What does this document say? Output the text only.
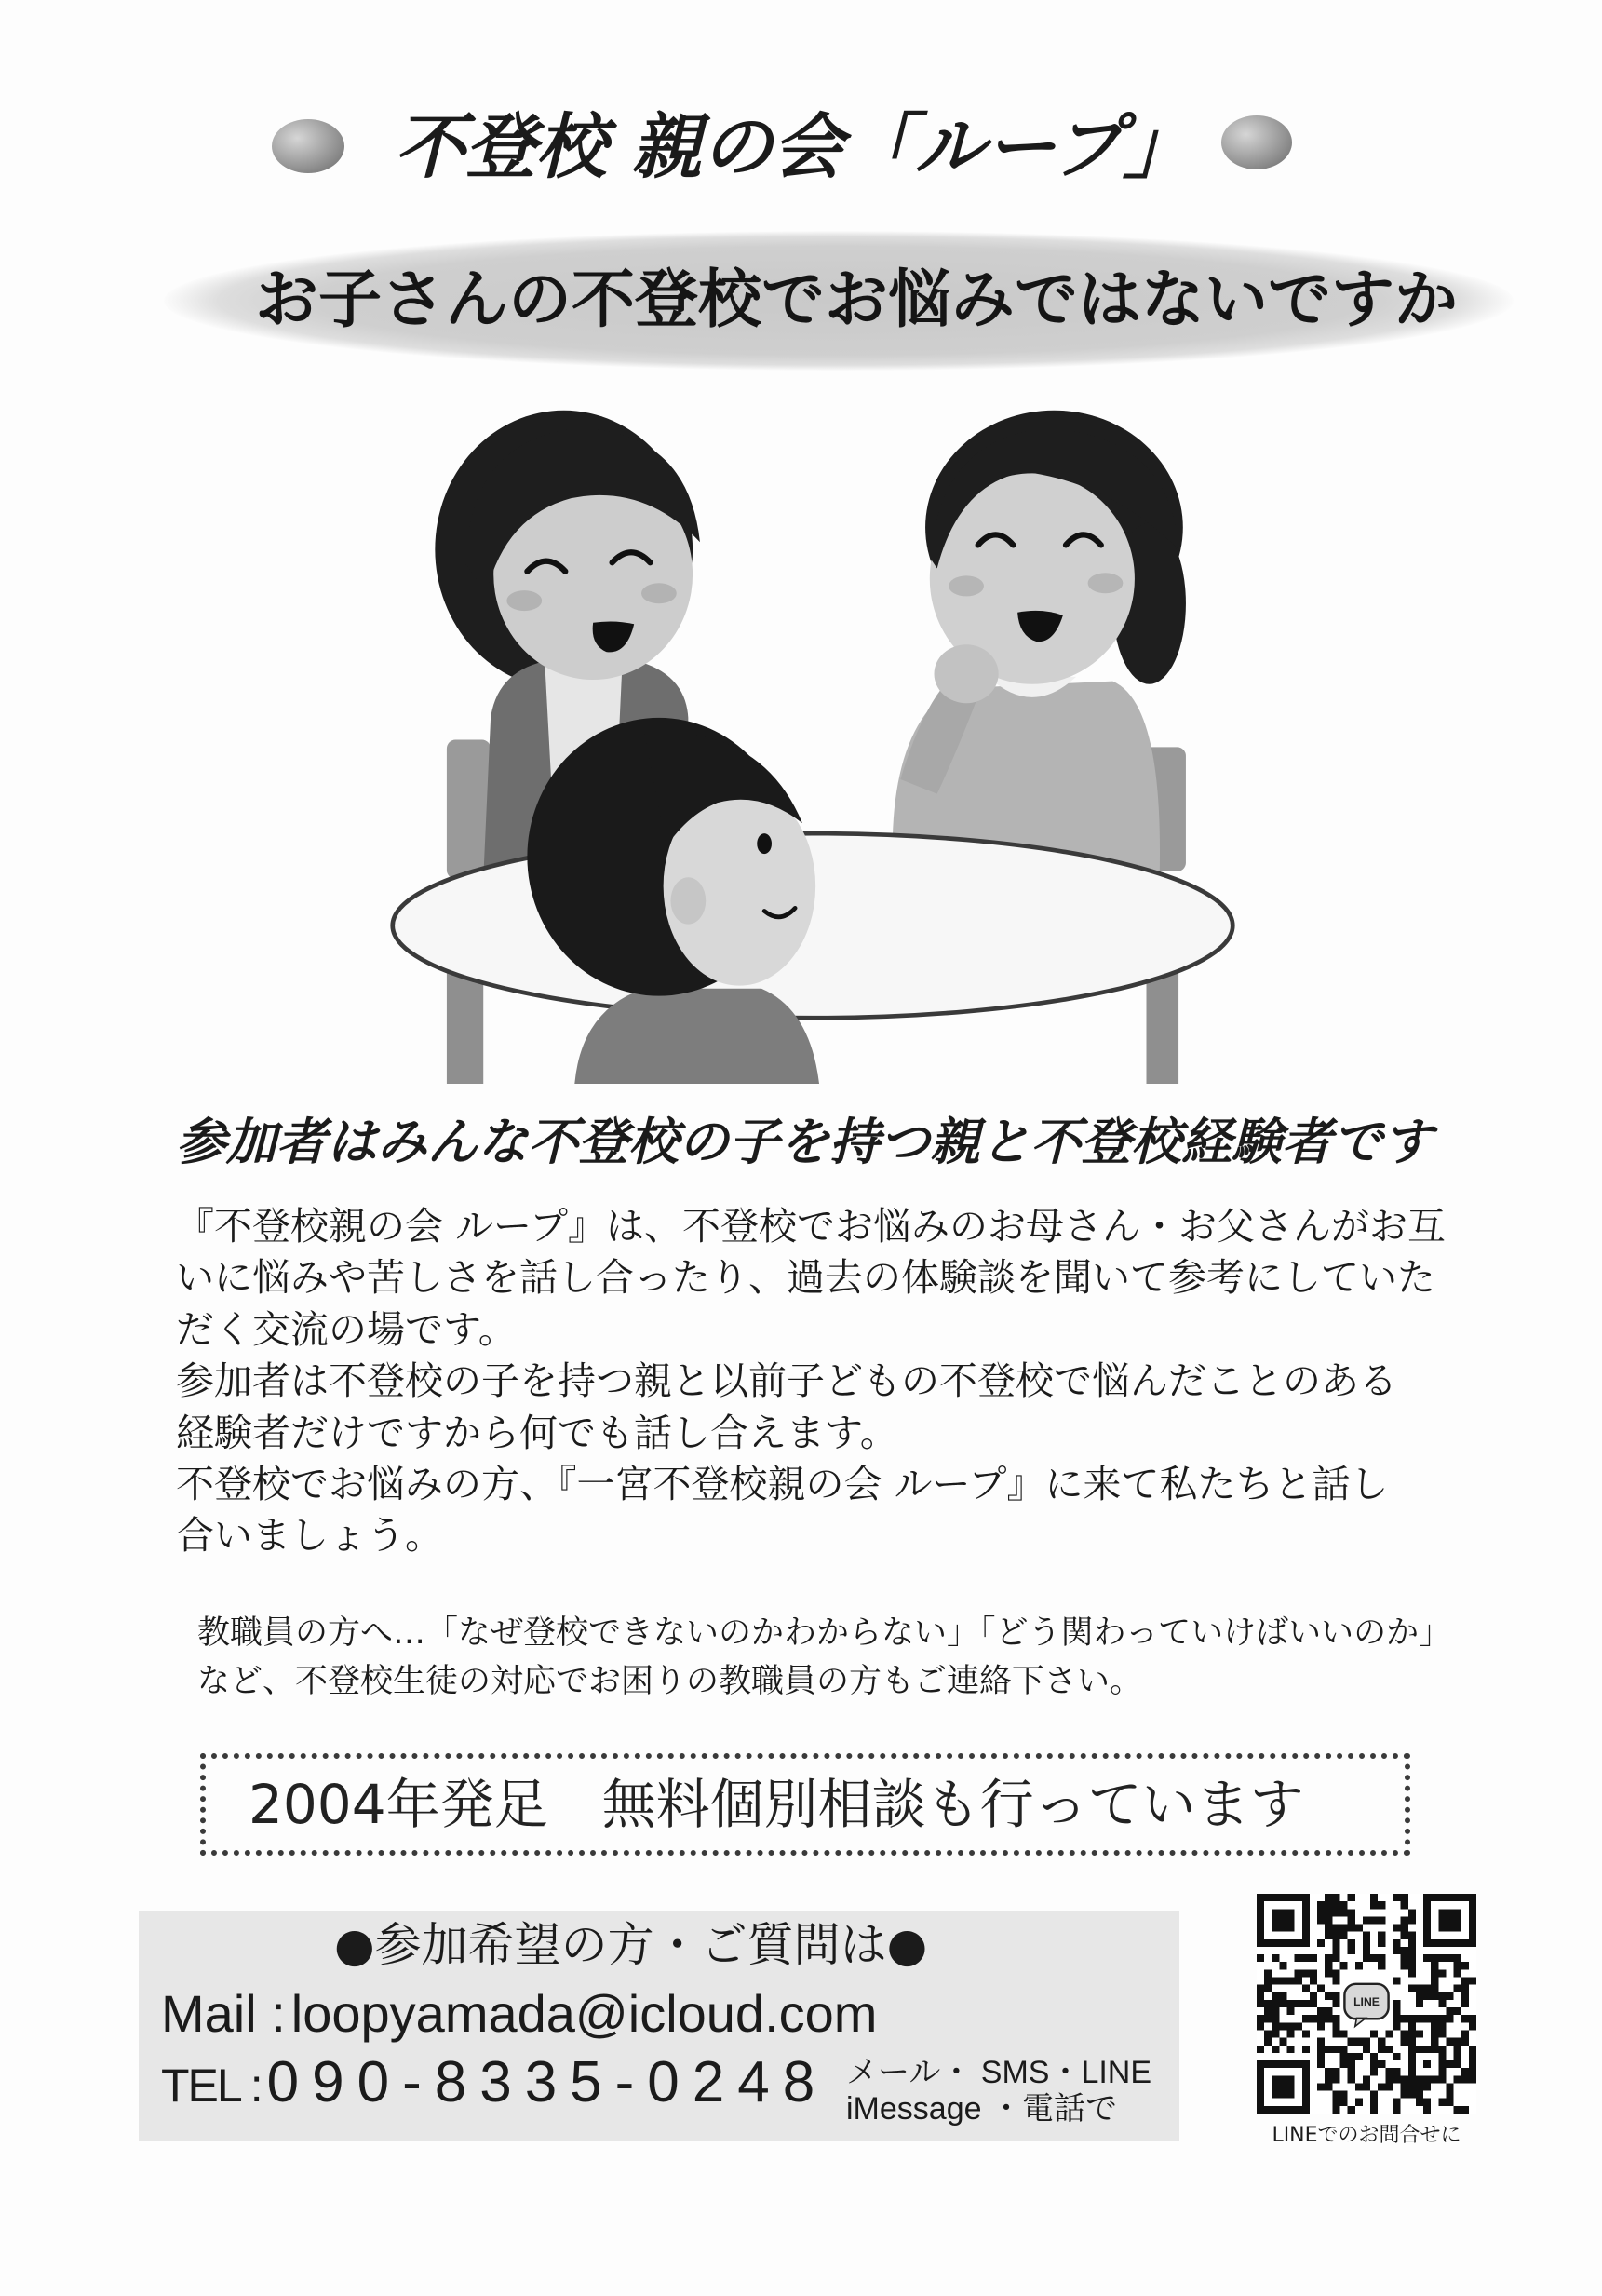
不登校 親の会「ループ」
お子さんの不登校でお悩みではないですか
参加者はみんな不登校の子を持つ親と不登校経験者です
『不登校親の会 ループ』は、不登校でお悩みのお母さん・お父さんがお互
いに悩みや苦しさを話し合ったり、過去の体験談を聞いて参考にしていた
だく交流の場です。
参加者は不登校の子を持つ親と以前子どもの不登校で悩んだことのある
経験者だけですから何でも話し合えます。
不登校でお悩みの方、『一宮不登校親の会 ループ』に来て私たちと話し
合いましょう。
教職員の方へ…「なぜ登校できないのかわからない」「どう関わっていけばいいのか」
など、不登校生徒の対応でお困りの教職員の方もご連絡下さい。
2004年発足　無料個別相談も行っています
●参加希望の方・ご質問は●
Mail : loopyamada@icloud.com
TEL :090-8335-0248 メール・ SMS・LINE
iMessage ・電話で
LINE
LINEでのお問合せに
